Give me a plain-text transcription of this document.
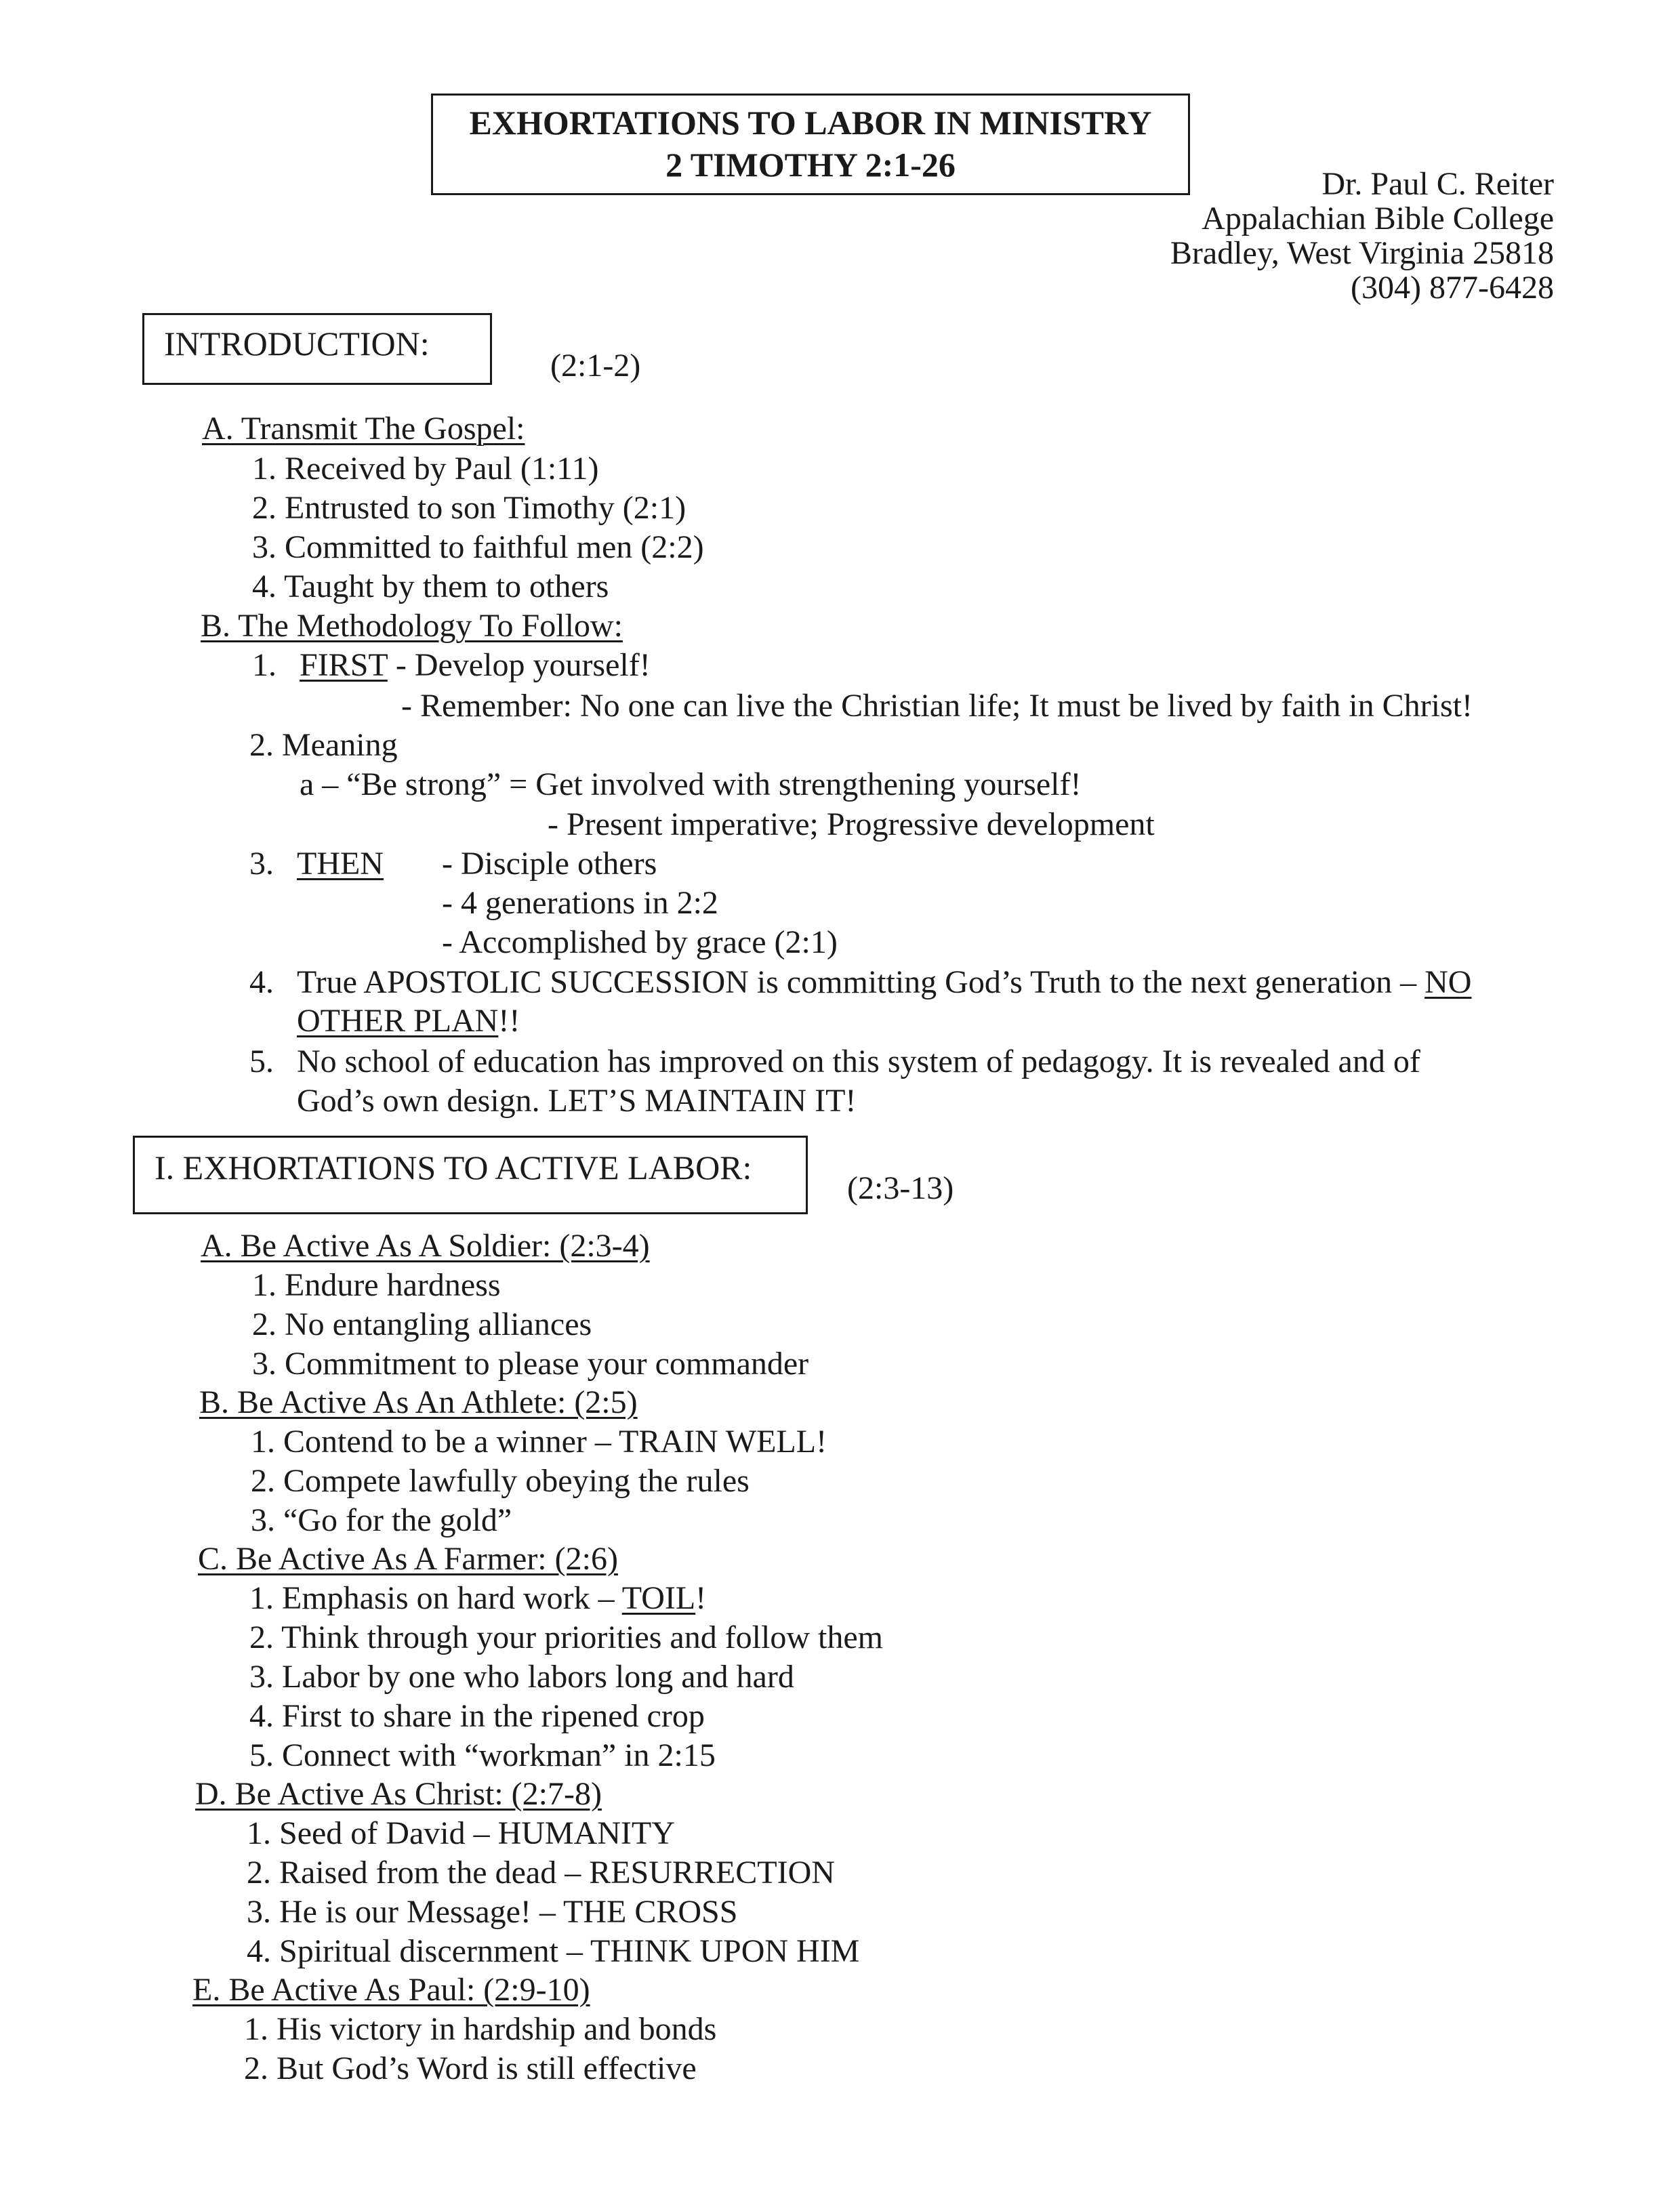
EXHORTATIONS TO LABOR IN MINISTRY
2 TIMOTHY 2:1-26
Dr. Paul C. Reiter
Appalachian Bible College
Bradley, West Virginia 25818
(304) 877-6428
INTRODUCTION:
(2:1-2)
A. Transmit The Gospel:
1. Received by Paul (1:11)
2. Entrusted to son Timothy (2:1)
3. Committed to faithful men (2:2)
4. Taught by them to others
B. The Methodology To Follow:
1. FIRST - Develop yourself!
- Remember: No one can live the Christian life; It must be lived by faith in Christ!
2. Meaning
a – “Be strong” = Get involved with strengthening yourself!
- Present imperative; Progressive development
3. THEN - Disciple others
- 4 generations in 2:2
- Accomplished by grace (2:1)
4. True APOSTOLIC SUCCESSION is committing God’s Truth to the next generation – NO
OTHER PLAN!!
5. No school of education has improved on this system of pedagogy. It is revealed and of
God’s own design. LET’S MAINTAIN IT!
I. EXHORTATIONS TO ACTIVE LABOR:
(2:3-13)
A. Be Active As A Soldier: (2:3-4)
1. Endure hardness
2. No entangling alliances
3. Commitment to please your commander
B. Be Active As An Athlete: (2:5)
1. Contend to be a winner – TRAIN WELL!
2. Compete lawfully obeying the rules
3. “Go for the gold”
C. Be Active As A Farmer: (2:6)
1. Emphasis on hard work – TOIL!
2. Think through your priorities and follow them
3. Labor by one who labors long and hard
4. First to share in the ripened crop
5. Connect with “workman” in 2:15
D. Be Active As Christ: (2:7-8)
1. Seed of David – HUMANITY
2. Raised from the dead – RESURRECTION
3. He is our Message! – THE CROSS
4. Spiritual discernment – THINK UPON HIM
E. Be Active As Paul: (2:9-10)
1. His victory in hardship and bonds
2. But God’s Word is still effective
